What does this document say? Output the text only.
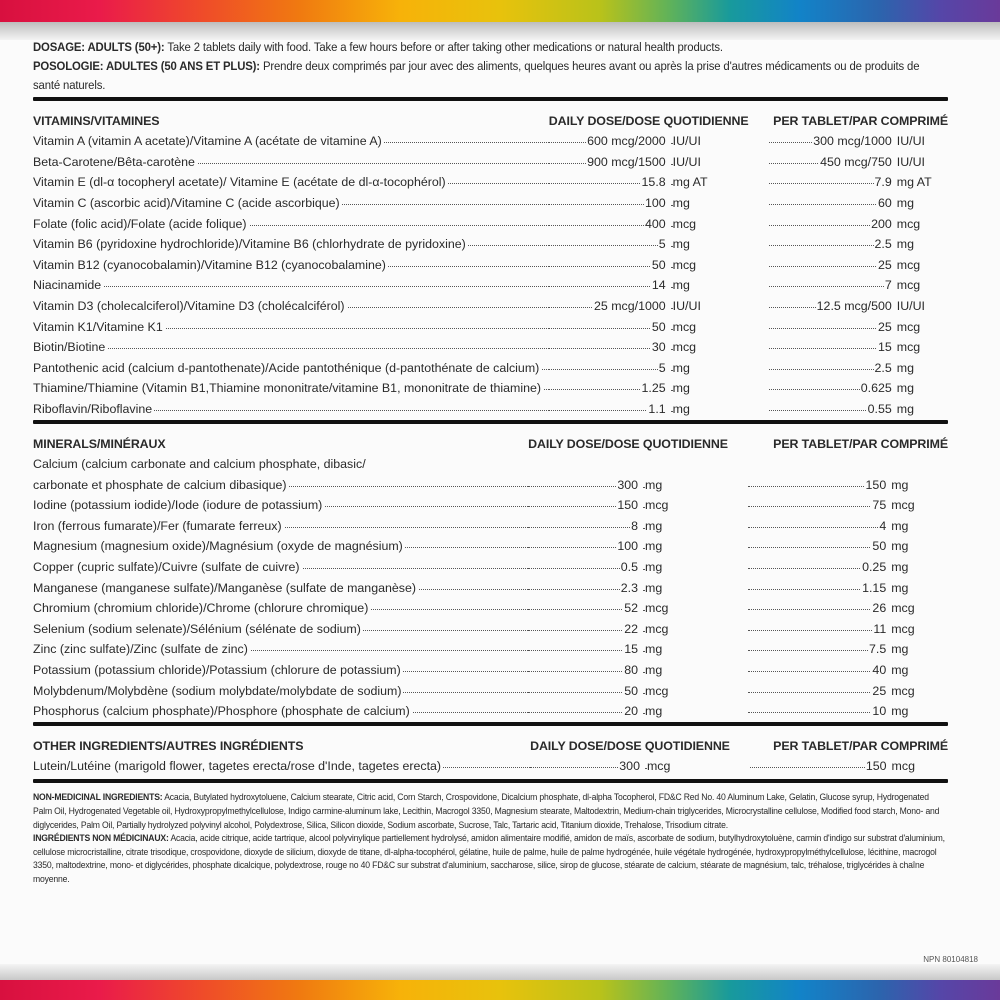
DOSAGE: ADULTS (50+): Take 2 tablets daily with food. Take a few hours before or after taking other medications or natural health products.
POSOLOGIE: ADULTES (50 ANS ET PLUS): Prendre deux comprimés par jour avec des aliments, quelques heures avant ou après la prise d'autres médicaments ou de produits de santé naturels.
VITAMINS/VITAMINES	DAILY DOSE/DOSE QUOTIDIENNE		PER TABLET/PAR COMPRIMÉ	
Vitamin A (vitamin A acetate)/Vitamine A (acétate de vitamine A)	600 mcg/2000	IU/UI	300 mcg/1000	IU/UI
Beta-Carotene/Bêta-carotène	900 mcg/1500	IU/UI	450 mcg/750	IU/UI
Vitamin E (dl-α tocopheryl acetate)/ Vitamine E (acétate de dl-α-tocophérol)	15.8	mg AT	7.9	mg AT
Vitamin C (ascorbic acid)/Vitamine C (acide ascorbique)	100	mg	60	mg
Folate (folic acid)/Folate (acide folique)	400	mcg	200	mcg
Vitamin B6 (pyridoxine hydrochloride)/Vitamine B6 (chlorhydrate de pyridoxine)	5	mg	2.5	mg
Vitamin B12 (cyanocobalamin)/Vitamine B12 (cyanocobalamine)	50	mcg	25	mcg
Niacinamide	14	mg	7	mcg
Vitamin D3 (cholecalciferol)/Vitamine D3 (cholécalciférol)	25 mcg/1000	IU/UI	12.5 mcg/500	IU/UI
Vitamin K1/Vitamine K1	50	mcg	25	mcg
Biotin/Biotine	30	mcg	15	mcg
Pantothenic acid (calcium d-pantothenate)/Acide pantothénique (d-pantothénate de calcium)	5	mg	2.5	mg
Thiamine/Thiamine (Vitamin B1,Thiamine mononitrate/vitamine B1, mononitrate de thiamine)	1.25	mg	0.625	mg
Riboflavin/Riboflavine	1.1	mg	0.55	mg
MINERALS/MINÉRAUX	DAILY DOSE/DOSE QUOTIDIENNE		PER TABLET/PAR COMPRIMÉ	
Calcium (calcium carbonate and calcium phosphate, dibasic/				
carbonate et phosphate de calcium dibasique)	300	mg	150	mg
Iodine (potassium iodide)/Iode (iodure de potassium)	150	mcg	75	mcg
Iron (ferrous fumarate)/Fer (fumarate ferreux)	8	mg	4	mg
Magnesium (magnesium oxide)/Magnésium (oxyde de magnésium)	100	mg	50	mg
Copper (cupric sulfate)/Cuivre (sulfate de cuivre)	0.5	mg	0.25	mg
Manganese (manganese sulfate)/Manganèse (sulfate de manganèse)	2.3	mg	1.15	mg
Chromium (chromium chloride)/Chrome (chlorure chromique)	52	mcg	26	mcg
Selenium (sodium selenate)/Sélénium (sélénate de sodium)	22	mcg	11	mcg
Zinc (zinc sulfate)/Zinc (sulfate de zinc)	15	mg	7.5	mg
Potassium (potassium chloride)/Potassium (chlorure de potassium)	80	mg	40	mg
Molybdenum/Molybdène (sodium molybdate/molybdate de sodium)	50	mcg	25	mcg
Phosphorus (calcium phosphate)/Phosphore (phosphate de calcium)	20	mg	10	mg
OTHER INGREDIENTS/AUTRES INGRÉDIENTS	DAILY DOSE/DOSE QUOTIDIENNE		PER TABLET/PAR COMPRIMÉ	
Lutein/Lutéine (marigold flower, tagetes erecta/rose d'Inde, tagetes erecta)	300	mcg	150	mcg
NON-MEDICINAL INGREDIENTS: Acacia, Butylated hydroxytoluene, Calcium stearate, Citric acid, Corn Starch, Crospovidone, Dicalcium phosphate, dl-alpha Tocopherol, FD&C Red No. 40 Aluminum Lake, Gelatin, Glucose syrup, Hydrogenated Palm Oil, Hydrogenated Vegetable oil, Hydroxypropylmethylcellulose, Indigo carmine-aluminum lake, Lecithin, Macrogol 3350, Magnesium stearate, Maltodextrin, Medium-chain triglycerides, Microcrystalline cellulose, Modified food starch, Mono- and diglycerides, Palm Oil, Partially hydrolyzed polyvinyl alcohol, Polydextrose, Silica, Silicon dioxide, Sodium ascorbate, Sucrose, Talc, Tartaric acid, Titanium dioxide, Trehalose, Trisodium citrate.
INGRÉDIENTS NON MÉDICINAUX: Acacia, acide citrique, acide tartrique, alcool polyvinylique partiellement hydrolysé, amidon alimentaire modifié, amidon de maïs, ascorbate de sodium, butylhydroxytoluène, carmin d'indigo sur substrat d'aluminium, cellulose microcristalline, citrate trisodique, crospovidone, dioxyde de silicium, dioxyde de titane, dl-alpha-tocophérol, gélatine, huile de palme, huile de palme hydrogénée, huile végétale hydrogénée, hydroxypropylméthylcellulose, lécithine, macrogol 3350, maltodextrine, mono- et diglycérides, phosphate dicalcique, polydextrose, rouge no 40 FD&C sur substrat d'aluminium, saccharose, silice, sirop de glucose, stéarate de calcium, stéarate de magnésium, talc, tréhalose, triglycérides à chaîne moyenne.
NPN 80104818
